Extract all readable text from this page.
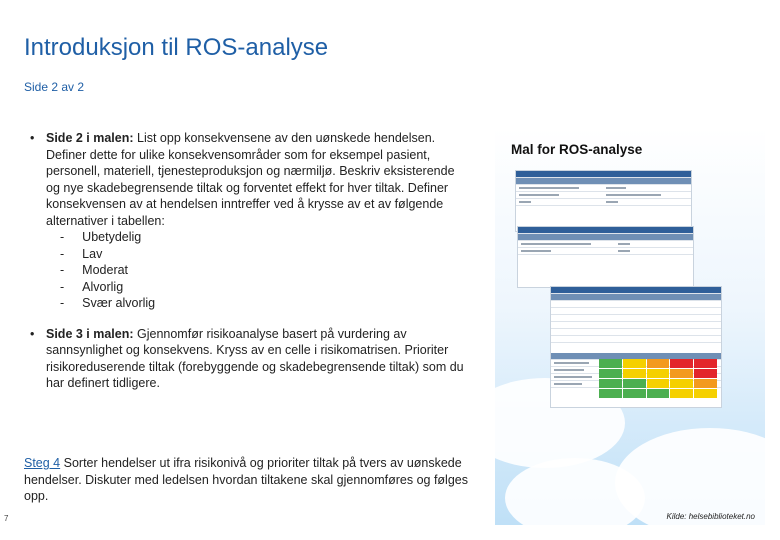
Introduksjon til ROS-analyse
Side 2 av 2
• Side 2 i malen: List opp konsekvensene av den uønskede hendelsen. Definer dette for ulike konsekvensområder som for eksempel pasient, personell, materiell, tjenesteproduksjon og nærmiljø. Beskriv eksisterende og nye skadebegrensende tiltak og forventet effekt for hver tiltak. Definer konsekvensen av at hendelsen inntreffer ved å krysse av et av følgende alternativer i tabellen:
- Ubetydelig
- Lav
- Moderat
- Alvorlig
- Svær alvorlig
• Side 3 i malen: Gjennomfør risikoanalyse basert på vurdering av sannsynlighet og konsekvens. Kryss av en celle i risikomatrisen. Prioriter risikoreduserende tiltak (forebyggende og skadebegrensende tiltak) som du har definert tidligere.
Steg 4 Sorter hendelser ut ifra risikonivå og prioriter tiltak på tvers av uønskede hendelser. Diskuter med ledelsen hvordan tiltakene skal gjennomføres og følges opp.
7
Mal for ROS-analyse
Kilde: helsebiblioteket.no
